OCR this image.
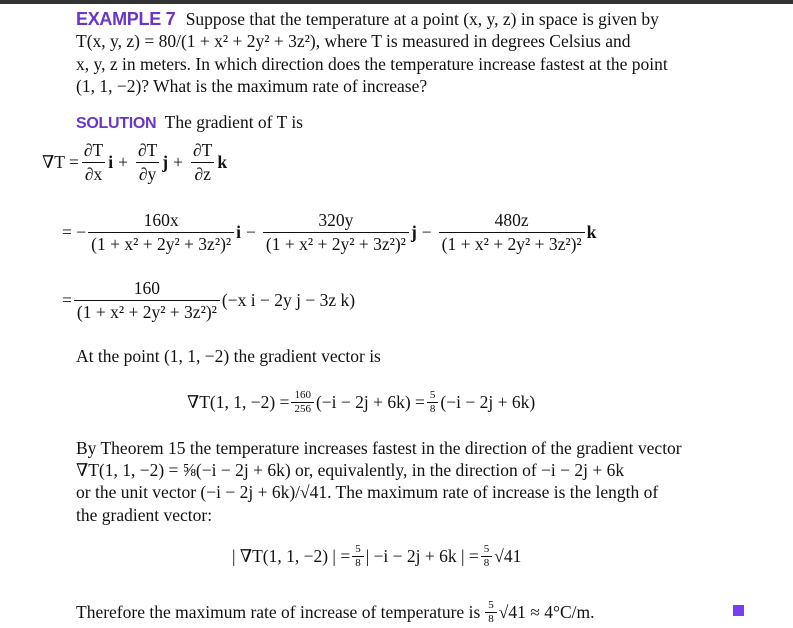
EXAMPLE 7 Suppose that the temperature at a point (x, y, z) in space is given by
T(x, y, z) = 80/(1 + x² + 2y² + 3z²), where T is measured in degrees Celsius and
x, y, z in meters. In which direction does the temperature increase fastest at the point
(1, 1, −2)? What is the maximum rate of increase?
SOLUTION The gradient of T is
$\nabla T = \frac{\partial T}{\partial x}$ $i + \frac{\partial T}{\partial y}$ $j + \frac{\partial T}{\partial z}$ k
= − $\frac{160x}{\text{(1 + x² + 2y² + 3z²)²}}$ $i - \frac{320y}{\text{(1 + x² + 2y² + 3z²)²}}$ $j - \frac{480z}{\text{(1 + x² + 2y² + 3z²)²}}$ k
= $\frac{160}{\text{(1 + x² + 2y² + 3z²)²}} (-x$ i − 2y j − 3z k)
At the point (1, 1, −2) the gradient vector is
∇T(1, 1, $-2) = \frac{160}{256} (-i - 2j + 6k) = \frac{5}{8} (-i - 2j + 6k)$
By Theorem 15 the temperature increases fastest in the direction of the gradient vector
∇T(1, 1, −2) = ⅝(−i − 2j + 6k) or, equivalently, in the direction of −i − 2j + 6k
or the unit vector (−i − 2j + 6k)/√41. The maximum rate of increase is the length of
the gradient vector:
| ∇T(1, 1, −2) | = $\frac{5}{8}$ | −i − 2j + 6k | = $\frac{5}{8} √41$
Therefore the maximum rate of increase of temperature is $\frac{5}{8} √41 \approx 4^\circ C/m$.
